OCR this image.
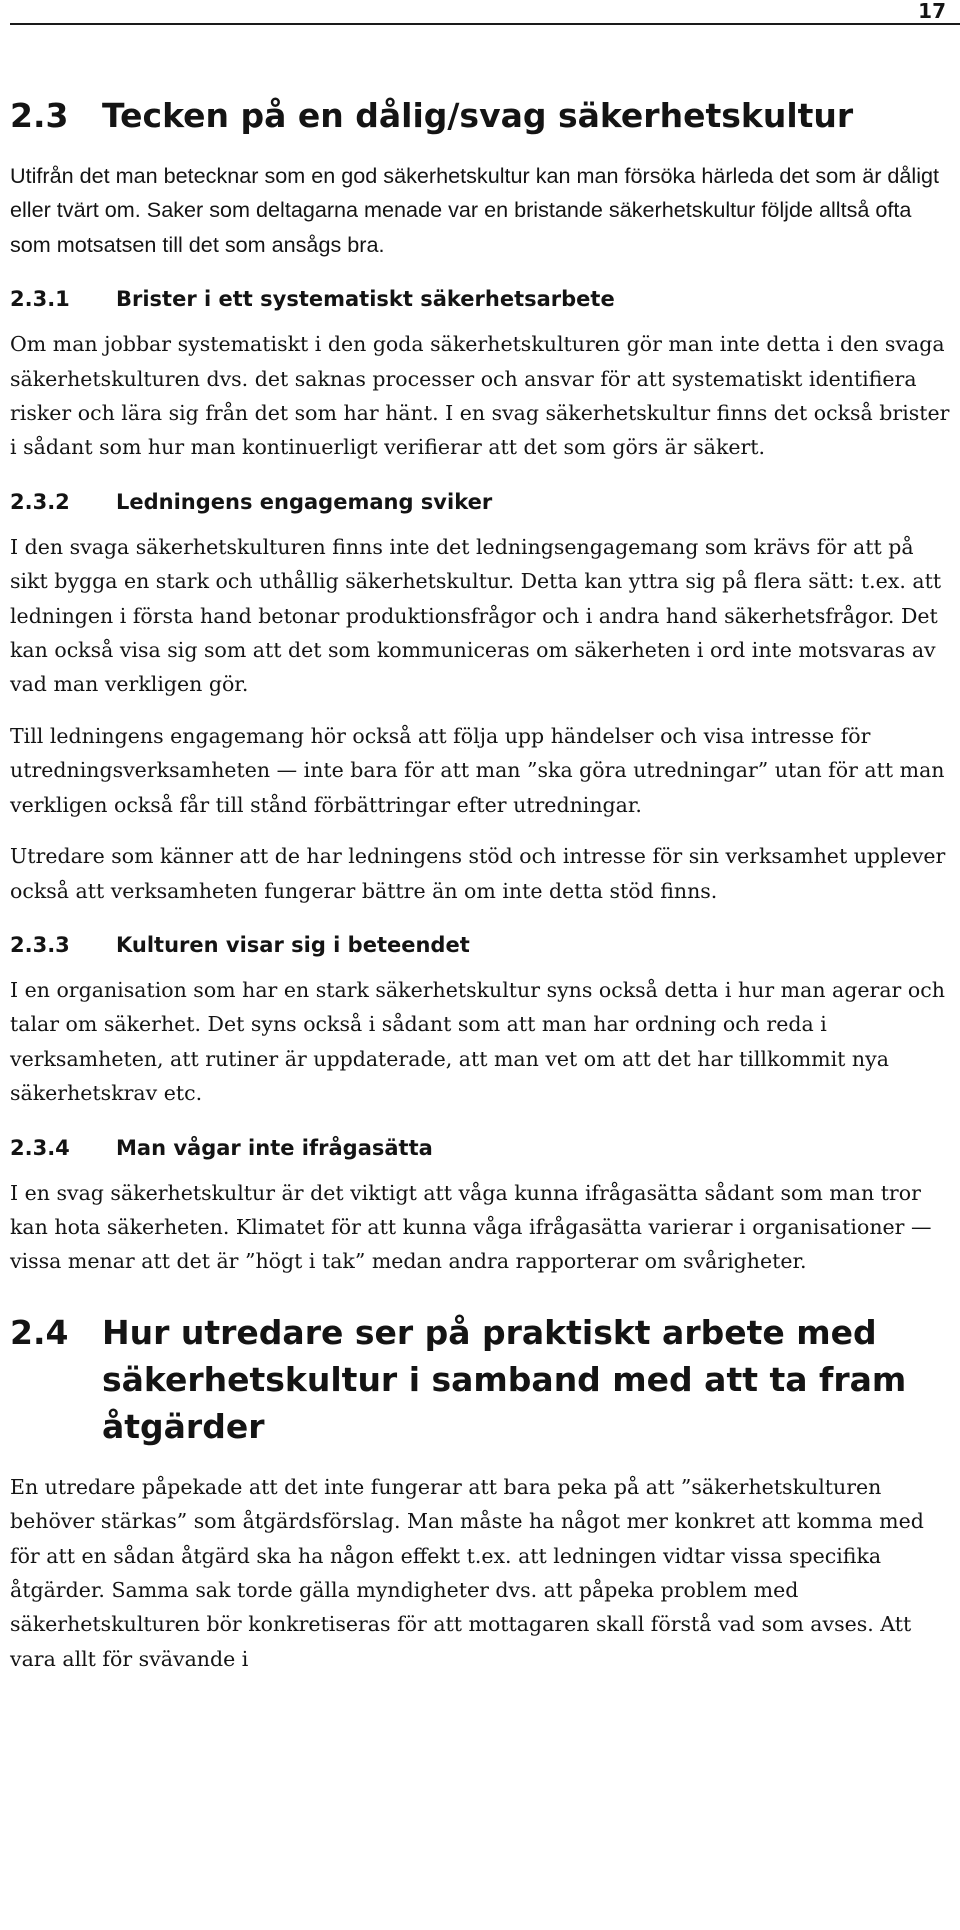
17
2.3	Tecken på en dålig/svag säkerhetskultur

Utifrån det man betecknar som en god säkerhetskultur kan man försöka härleda det som är dåligt eller tvärt om. Saker som deltagarna menade var en bristande säkerhetskultur följde alltså ofta som motsatsen till det som ansågs bra.

2.3.1	Brister i ett systematiskt säkerhetsarbete

Om man jobbar systematiskt i den goda säkerhetskulturen gör man inte detta i den svaga säkerhetskulturen dvs. det saknas processer och ansvar för att systematiskt identifiera risker och lära sig från det som har hänt. I en svag säkerhetskultur finns det också brister i sådant som hur man kontinuerligt verifierar att det som görs är säkert.

2.3.2	Ledningens engagemang sviker

I den svaga säkerhetskulturen finns inte det ledningsengagemang som krävs för att på sikt bygga en stark och uthållig säkerhetskultur. Detta kan yttra sig på flera sätt: t.ex. att ledningen i första hand betonar produktionsfrågor och i andra hand säkerhetsfrågor. Det kan också visa sig som att det som kommuniceras om säkerheten i ord inte motsvaras av vad man verkligen gör.

Till ledningens engagemang hör också att följa upp händelser och visa intresse för utredningsverksamheten — inte bara för att man ”ska göra utredningar” utan för att man verkligen också får till stånd förbättringar efter utredningar.

Utredare som känner att de har ledningens stöd och intresse för sin verksamhet upplever också att verksamheten fungerar bättre än om inte detta stöd finns.

2.3.3	Kulturen visar sig i beteendet

I en organisation som har en stark säkerhetskultur syns också detta i hur man agerar och talar om säkerhet. Det syns också i sådant som att man har ordning och reda i verksamheten, att rutiner är uppdaterade, att man vet om att det har tillkommit nya säkerhetskrav etc.

2.3.4	Man vågar inte ifrågasätta

I en svag säkerhetskultur är det viktigt att våga kunna ifrågasätta sådant som man tror kan hota säkerheten. Klimatet för att kunna våga ifrågasätta varierar i organisationer — vissa menar att det är ”högt i tak” medan andra rapporterar om svårigheter.

2.4	Hur utredare ser på praktiskt arbete med säkerhetskultur i samband med att ta fram åtgärder

En utredare påpekade att det inte fungerar att bara peka på att ”säkerhetskulturen behöver stärkas” som åtgärdsförslag. Man måste ha något mer konkret att komma med för att en sådan åtgärd ska ha någon effekt t.ex. att ledningen vidtar vissa specifika åtgärder. Samma sak torde gälla myndigheter dvs. att påpeka problem med säkerhetskulturen bör konkretiseras för att mottagaren skall förstå vad som avses. Att vara allt för svävande i
